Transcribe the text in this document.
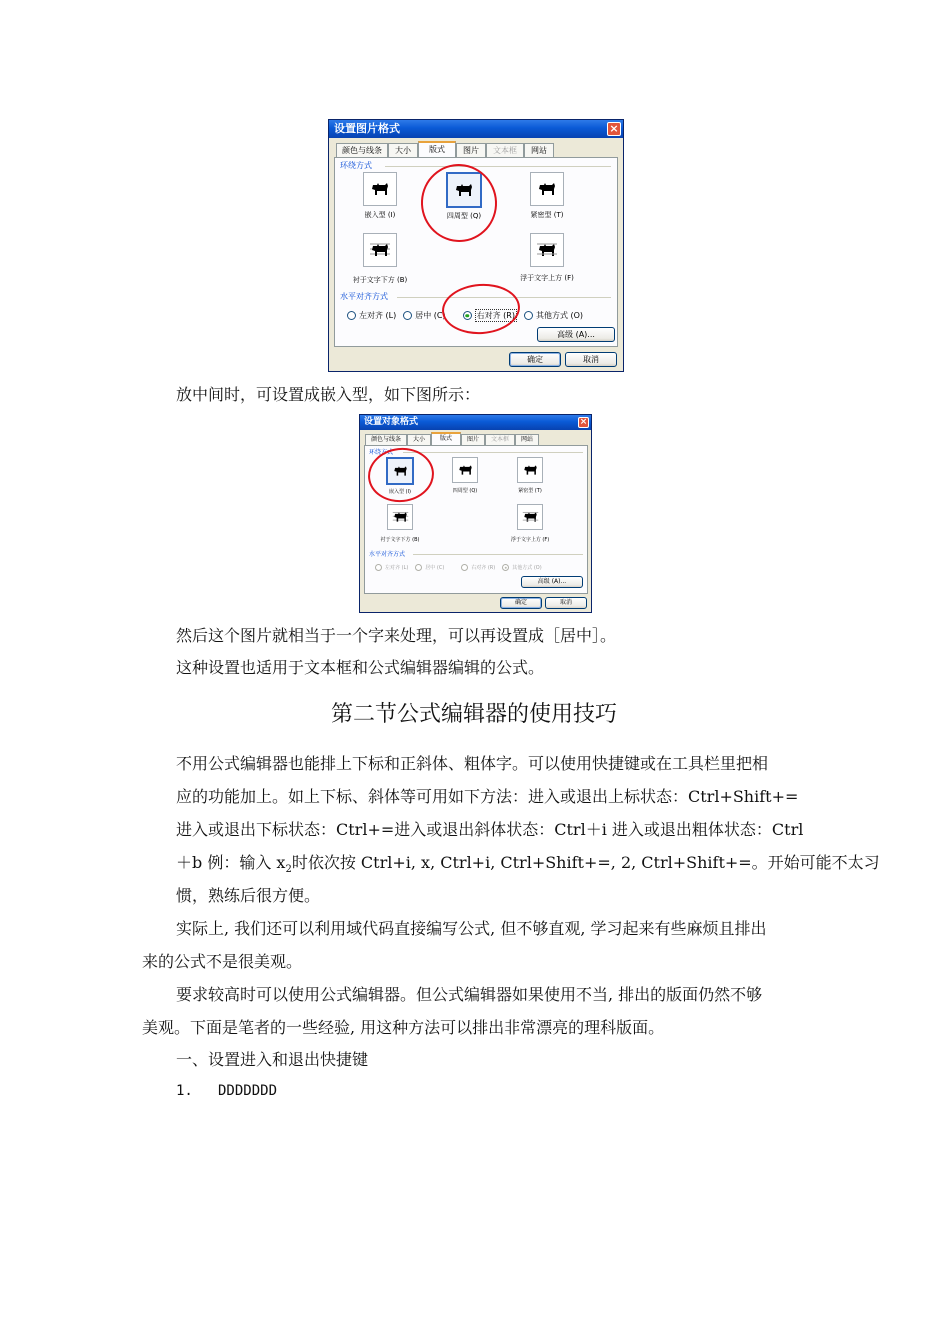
设置图片格式	×
颜色与线条	大小	版式	图片	文本框	网站
环绕方式
嵌入型 (I)	四周型 (Q)	紧密型 (T)
衬于文字下方 (B)	浮于文字上方 (F)
水平对齐方式
左对齐 (L) 居中 (C)	右对齐 (R)	其他方式 (O)
高级 (A)...
确定	取消
放中间时，可设置成嵌入型，如下图所示：
设置对象格式	×
颜色与线条	大小	版式	图片	文本框	网站
环绕方式
嵌入型 (I)	四周型 (Q)	紧密型 (T)
衬于文字下方 (B)	浮于文字上方 (F)
水平对齐方式
左对齐 (L)	居中 (C)	右对齐 (R)	其他方式 (O)
高级 (A)...
确定	取消
然后这个图片就相当于一个字来处理，可以再设置成［居中］。
这种设置也适用于文本框和公式编辑器编辑的公式。
第二节公式编辑器的使用技巧
不用公式编辑器也能排上下标和正斜体、粗体字。可以使用快捷键或在工具栏里把相
应的功能加上。如上下标、斜体等可用如下方法：进入或退出上标状态：Ctrl+Shift+=
进入或退出下标状态：Ctrl+=进入或退出斜体状态：Ctrl＋i 进入或退出粗体状态：Ctrl
＋b 例：输入 $x_2$时依次按 Ctrl+i, x, Ctrl+i, Ctrl+Shift+=, 2, Ctrl+Shift+=。开始可能不太习
惯，熟练后很方便。
实际上, 我们还可以利用域代码直接编写公式, 但不够直观, 学习起来有些麻烦且排出
来的公式不是很美观。
要求较高时可以使用公式编辑器。但公式编辑器如果使用不当, 排出的版面仍然不够
美观。下面是笔者的一些经验, 用这种方法可以排出非常漂亮的理科版面。
一、设置进入和退出快捷键
1. DDDDDDD
